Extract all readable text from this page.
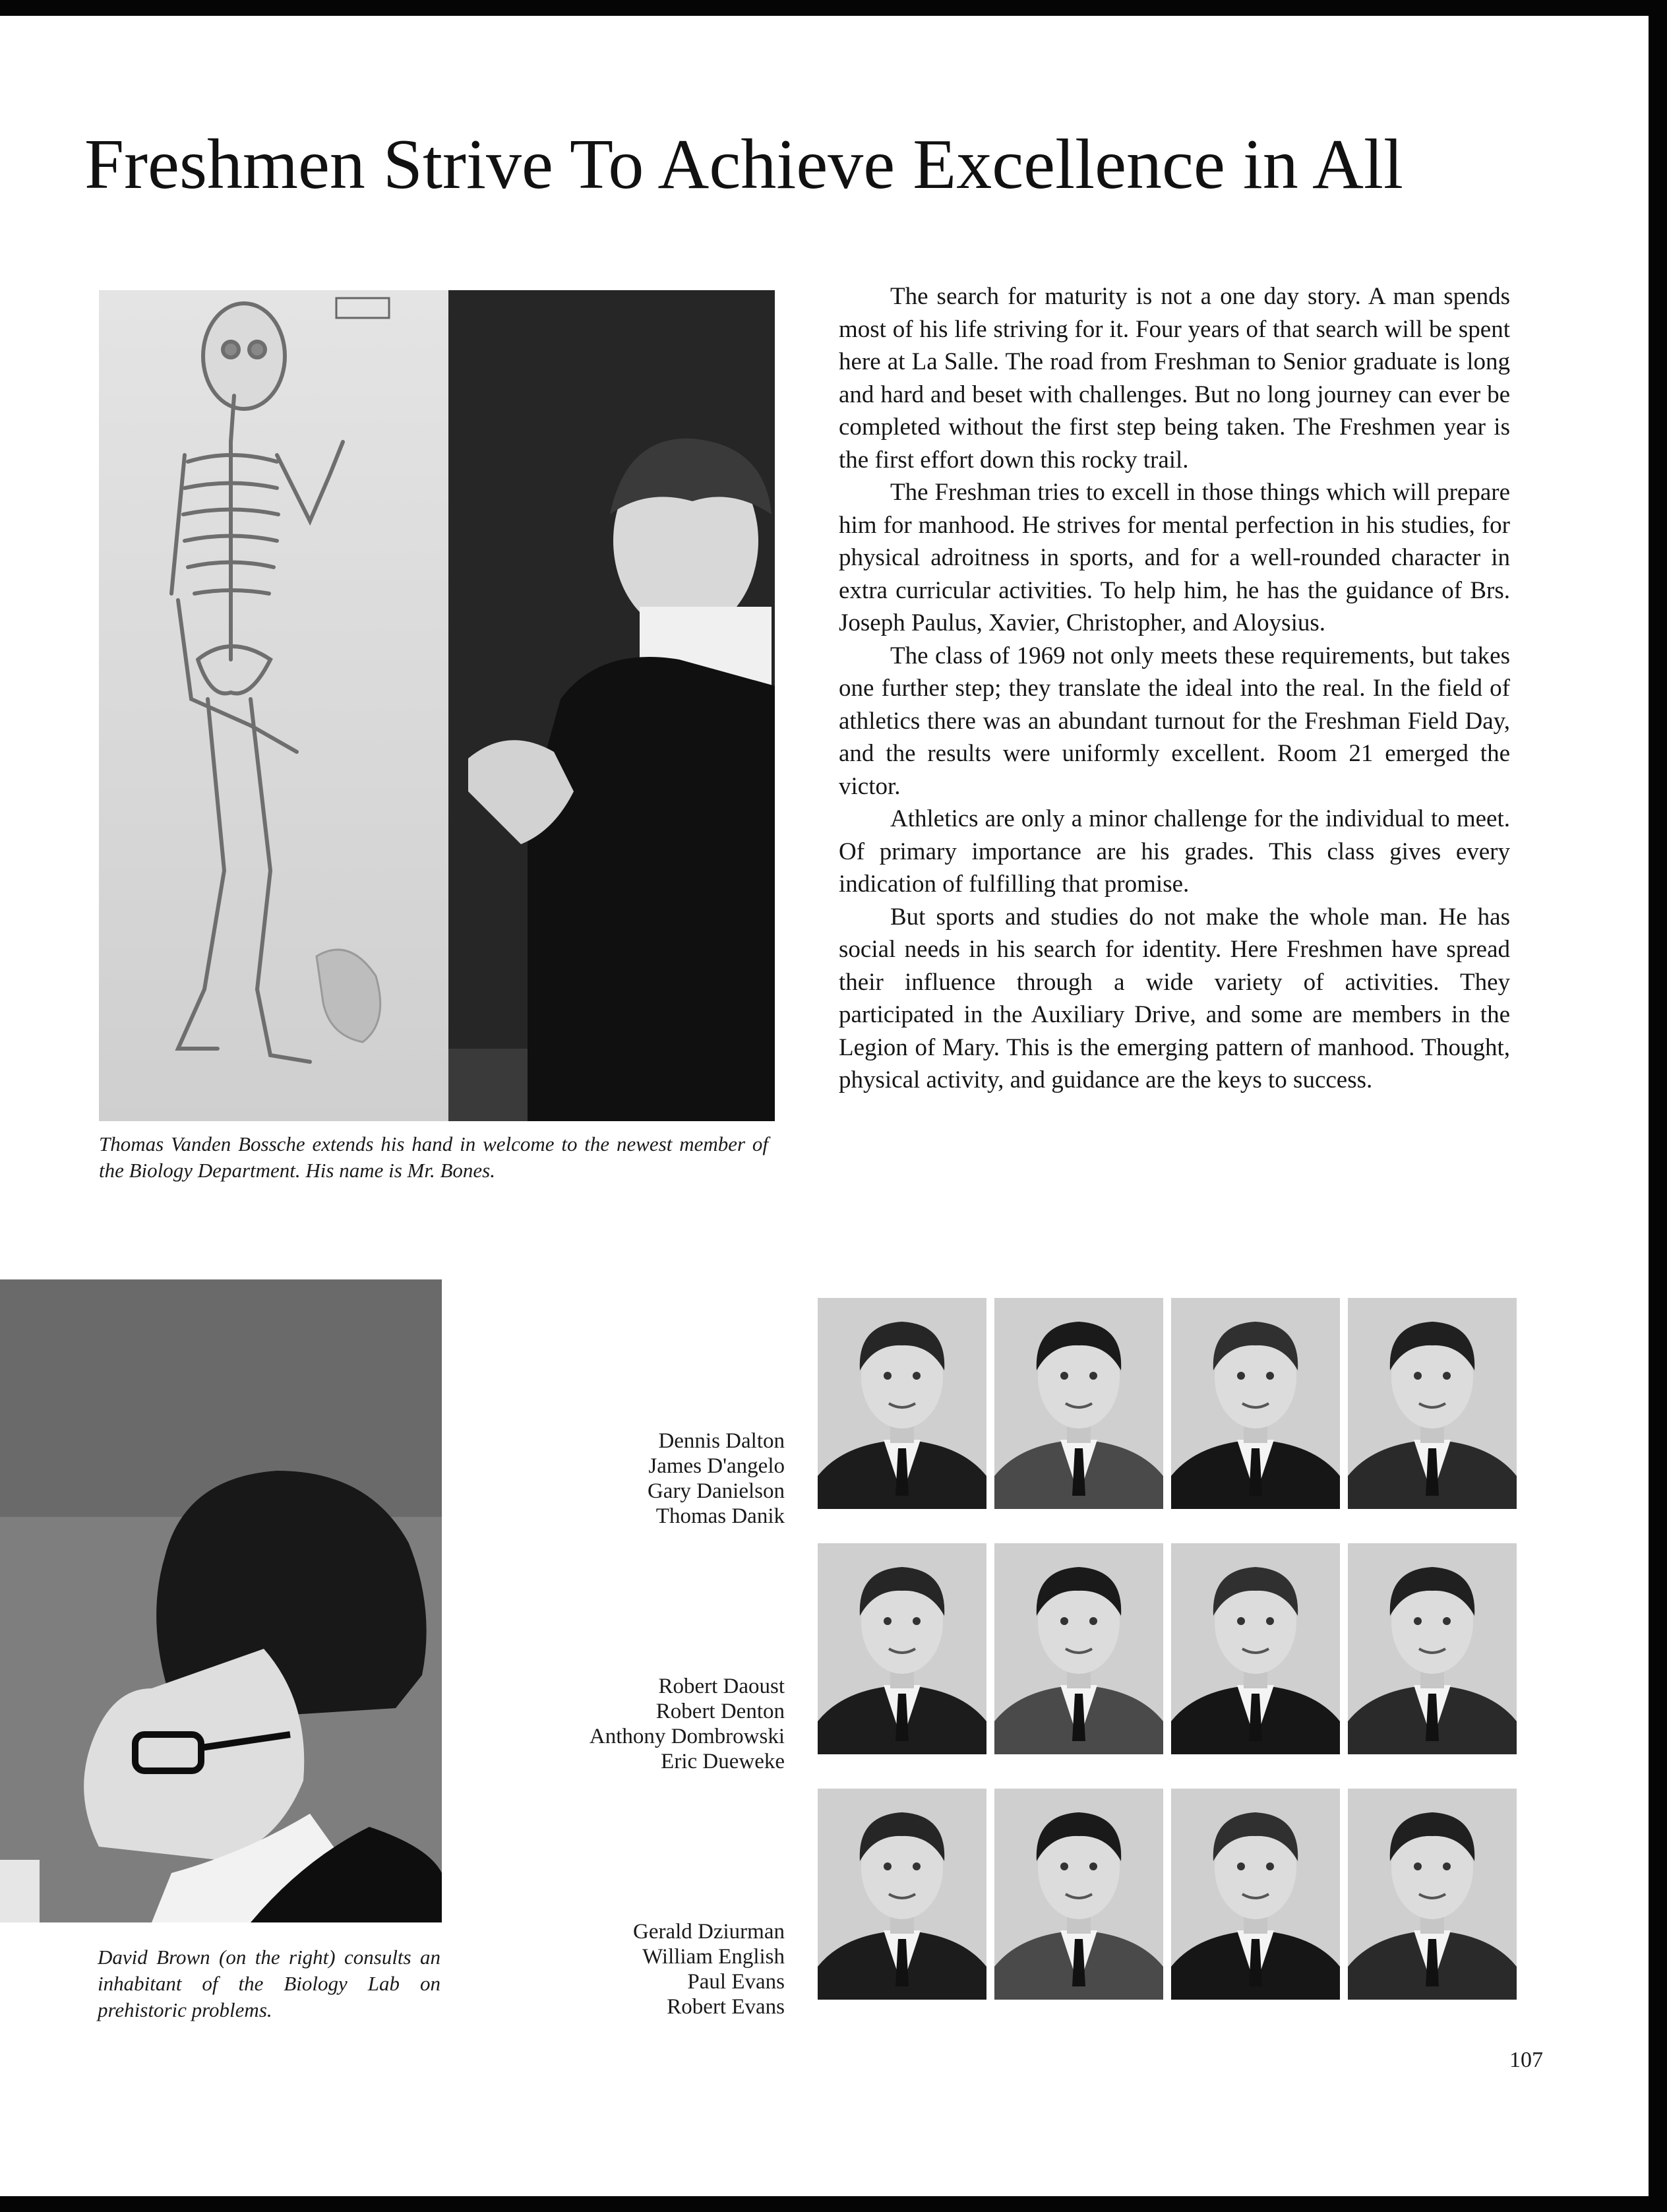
Freshmen Strive To Achieve Excellence in All

Thomas Vanden Bossche extends his hand in welcome to the newest member of the Biology Department. His name is Mr. Bones.

The search for maturity is not a one day story. A man spends most of his life striving for it. Four years of that search will be spent here at La Salle. The road from Freshman to Senior graduate is long and hard and beset with challenges. But no long journey can ever be completed without the first step being taken. The Freshmen year is the first effort down this rocky trail.

The Freshman tries to excell in those things which will prepare him for manhood. He strives for mental perfection in his studies, for physical adroitness in sports, and for a well-rounded character in extra curricular activities. To help him, he has the guidance of Brs. Joseph Paulus, Xavier, Christopher, and Aloysius.

The class of 1969 not only meets these requirements, but takes one further step; they translate the ideal into the real. In the field of athletics there was an abundant turnout for the Freshman Field Day, and the results were uniformly excellent. Room 21 emerged the victor.

Athletics are only a minor challenge for the individual to meet. Of primary importance are his grades. This class gives every indication of fulfilling that promise.

But sports and studies do not make the whole man. He has social needs in his search for identity. Here Freshmen have spread their influence through a wide variety of activities. They participated in the Auxiliary Drive, and some are members in the Legion of Mary. This is the emerging pattern of manhood. Thought, physical activity, and guidance are the keys to success.

David Brown (on the right) consults an inhabitant of the Biology Lab on prehistoric problems.

Dennis Dalton
James D'angelo
Gary Danielson
Thomas Danik
Robert Daoust
Robert Denton
Anthony Dombrowski
Eric Dueweke
Gerald Dziurman
William English
Paul Evans
Robert Evans
107
